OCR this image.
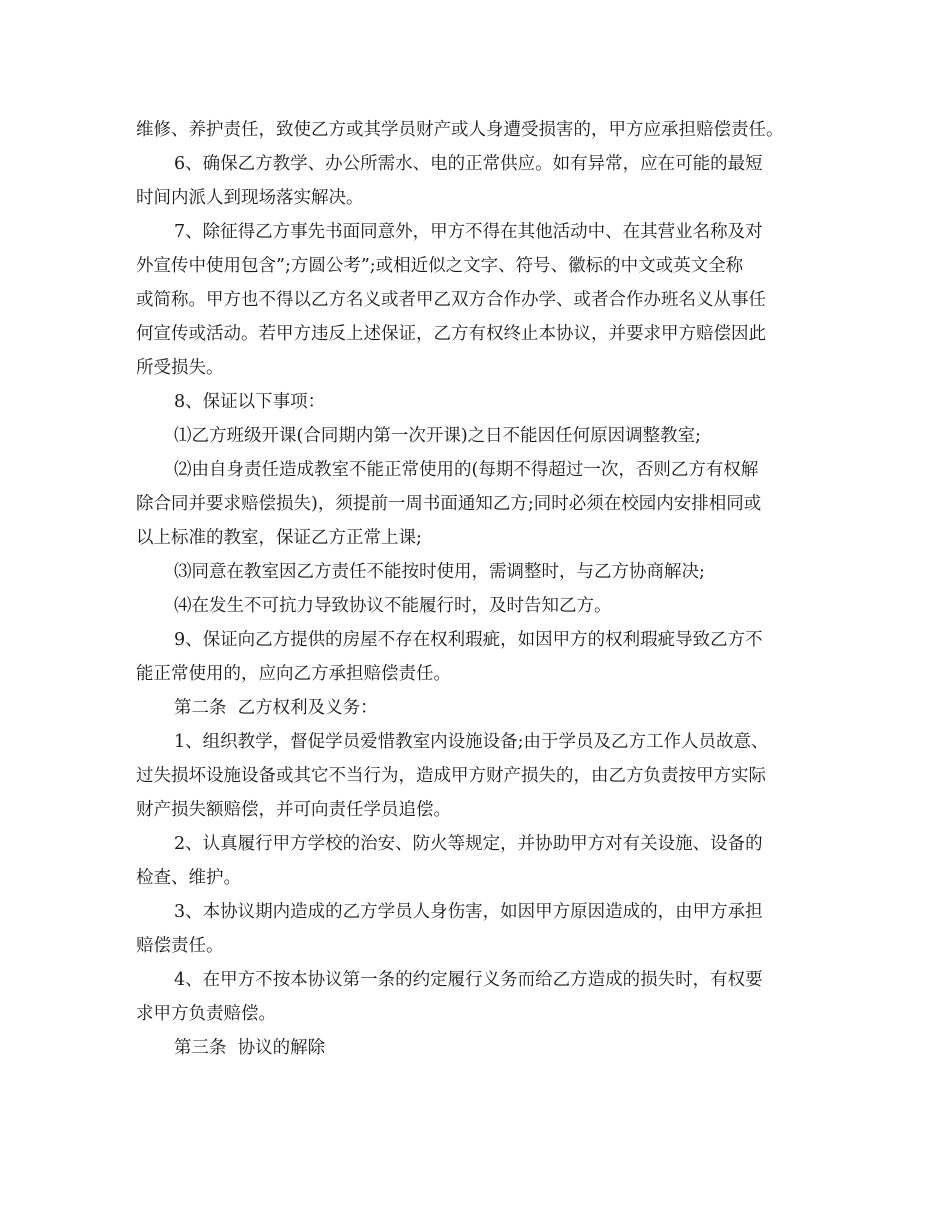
维修、养护责任，致使乙方或其学员财产或人身遭受损害的，甲方应承担赔偿责任。
6、确保乙方教学、办公所需水、电的正常供应。如有异常，应在可能的最短
时间内派人到现场落实解决。
7、除征得乙方事先书面同意外，甲方不得在其他活动中、在其营业名称及对
外宣传中使用包含”;方圆公考”;或相近似之文字、符号、徽标的中文或英文全称
或简称。甲方也不得以乙方名义或者甲乙双方合作办学、或者合作办班名义从事任
何宣传或活动。若甲方违反上述保证，乙方有权终止本协议，并要求甲方赔偿因此
所受损失。
8、保证以下事项：
⑴乙方班级开课(合同期内第一次开课)之日不能因任何原因调整教室;
⑵由自身责任造成教室不能正常使用的(每期不得超过一次，否则乙方有权解
除合同并要求赔偿损失)，须提前一周书面通知乙方;同时必须在校园内安排相同或
以上标准的教室，保证乙方正常上课;
⑶同意在教室因乙方责任不能按时使用，需调整时，与乙方协商解决;
⑷在发生不可抗力导致协议不能履行时，及时告知乙方。
9、保证向乙方提供的房屋不存在权利瑕疵，如因甲方的权利瑕疵导致乙方不
能正常使用的，应向乙方承担赔偿责任。
第二条  乙方权利及义务：
1、组织教学，督促学员爱惜教室内设施设备;由于学员及乙方工作人员故意、
过失损坏设施设备或其它不当行为，造成甲方财产损失的，由乙方负责按甲方实际
财产损失额赔偿，并可向责任学员追偿。
2、认真履行甲方学校的治安、防火等规定，并协助甲方对有关设施、设备的
检查、维护。
3、本协议期内造成的乙方学员人身伤害，如因甲方原因造成的，由甲方承担
赔偿责任。
4、在甲方不按本协议第一条的约定履行义务而给乙方造成的损失时，有权要
求甲方负责赔偿。
第三条  协议的解除
